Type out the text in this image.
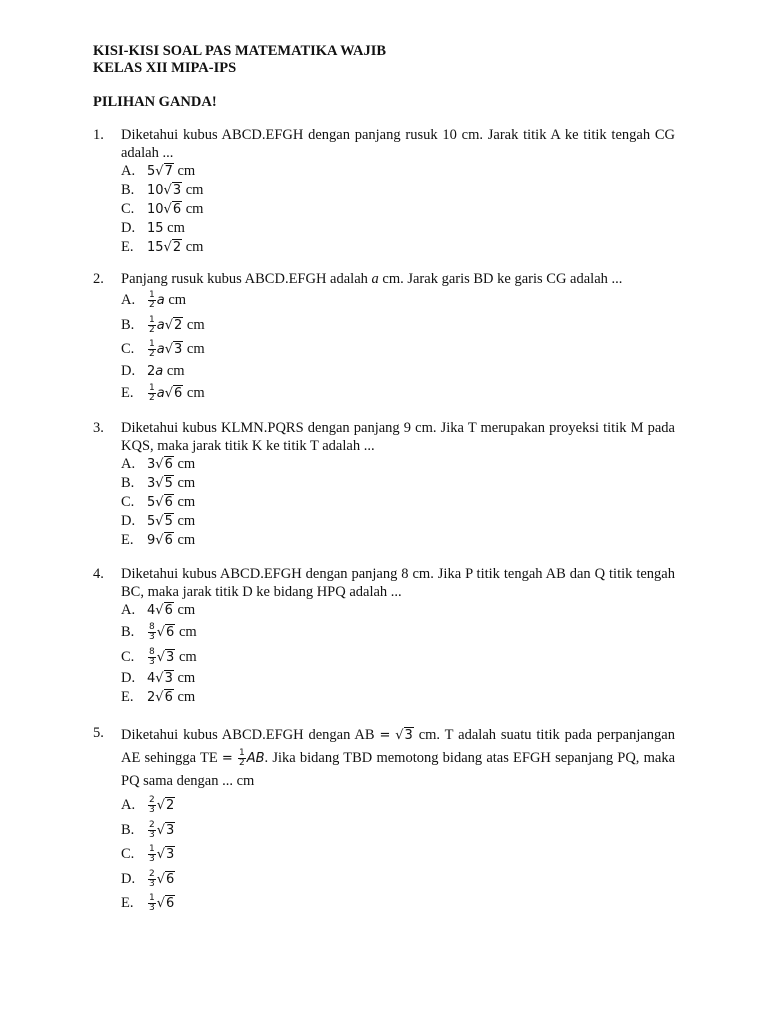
KISI-KISI SOAL PAS MATEMATIKA WAJIB
KELAS XII MIPA-IPS
PILIHAN GANDA!
1. Diketahui kubus ABCD.EFGH dengan panjang rusuk 10 cm. Jarak titik A ke titik tengah CG adalah ...
A. 5√7 cm
B. 10√3 cm
C. 10√6 cm
D. 15 cm
E. 15√2 cm
2. Panjang rusuk kubus ABCD.EFGH adalah a cm. Jarak garis BD ke garis CG adalah ...
A. $\frac{1}{2}$ a cm
B. $\frac{1}{2} a√2$ cm
C. $\frac{1}{2} a√3$ cm
D. 2a cm
E. $\frac{1}{2} a√6$ cm
3. Diketahui kubus KLMN.PQRS dengan panjang 9 cm. Jika T merupakan proyeksi titik M pada KQS, maka jarak titik K ke titik T adalah ...
A. 3√6 cm
B. 3√5 cm
C. 5√6 cm
D. 5√5 cm
E. 9√6 cm
4. Diketahui kubus ABCD.EFGH dengan panjang 8 cm. Jika P titik tengah AB dan Q titik tengah BC, maka jarak titik D ke bidang HPQ adalah ...
A. 4√6 cm
B. $\frac{8}{3} √6$ cm
C. $\frac{8}{3} √3$ cm
D. 4√3 cm
E. 2√6 cm
5. Diketahui kubus ABCD.EFGH dengan AB = √3 cm. T adalah suatu titik pada perpanjangan AE sehingga TE = $\frac{1}{2}$ AB. Jika bidang TBD memotong bidang atas EFGH sepanjang PQ, maka PQ sama dengan ... cm
A. $\frac{2}{3} √2$
B. $\frac{2}{3} √3$
C. $\frac{1}{3} √3$
D. $\frac{2}{3} √6$
E. $\frac{1}{3} √6$
